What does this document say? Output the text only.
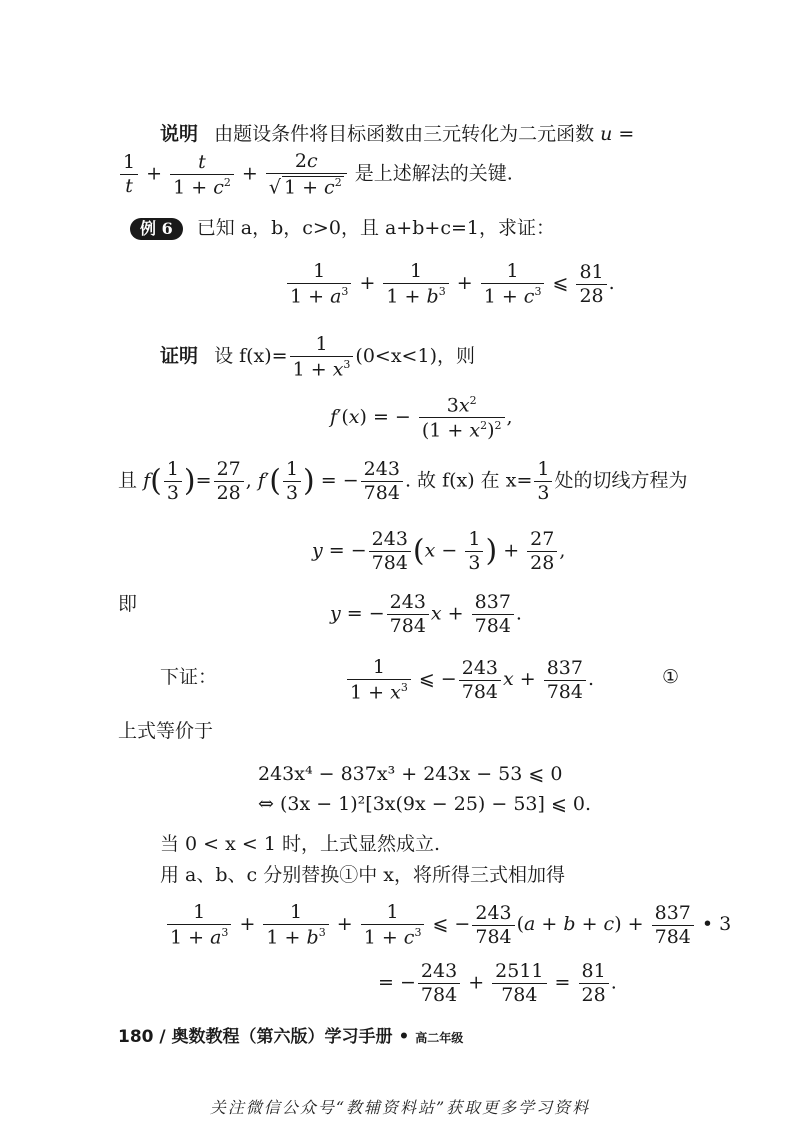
说明 由题设条件将目标函数由三元转化为二元函数 u =
$\frac{1}{t} + \frac{t}{1 + c^2} + \frac{2c}{√ 1 + c^2}$ 是上述解法的关键.
例 6 已知 a，b，c>0，且 a+b+c=1，求证：
$\frac{1}{1 + a^3} + \frac{1}{1 + b^3} + \frac{1}{1 + c^3}$ ⩽ $\frac{81}{28}$ .
证明 设 $f(x)= \frac{1}{1 + x^3} (0<x<1)$，则
f′(x) = − $\frac{3x^2}{(1 + x^2)^2}$ ,
且 $f( \frac{1}{3}$ )= $\frac{27}{28}$ , $f'( \frac{1}{3}$ ) = − $\frac{243}{784}$ . 故 f(x) 在 $x= \frac{1}{3}$ 处的切线方程为
y = − $\frac{243}{784} (x - \frac{1}{3}$ ) + $\frac{27}{28}$ ,
即	y = − $\frac{243}{784}$ $x + \frac{837}{784}$ .
下证：	$\frac{1}{1 + x^3}$ ⩽ − $\frac{243}{784}$ $x + \frac{837}{784}$ .	①
上式等价于
243x⁴ − 837x³ + 243x − 53 ⩽ 0
⇔ (3x − 1)²[3x(9x − 25) − 53] ⩽ 0.
当 0 < x < 1 时，上式显然成立.
用 a、b、c 分别替换①中 x，将所得三式相加得
$\frac{1}{1 + a^3} + \frac{1}{1 + b^3} + \frac{1}{1 + c^3}$ ⩽ − $\frac{243}{784} (a + b + c) + \frac{837}{784}$ • 3
= − $\frac{243}{784} + \frac{2511}{784} = \frac{81}{28}$ .
180 / 奥数教程（第六版）学习手册 • 高二年级
关注微信公众号“教辅资料站”获取更多学习资料
